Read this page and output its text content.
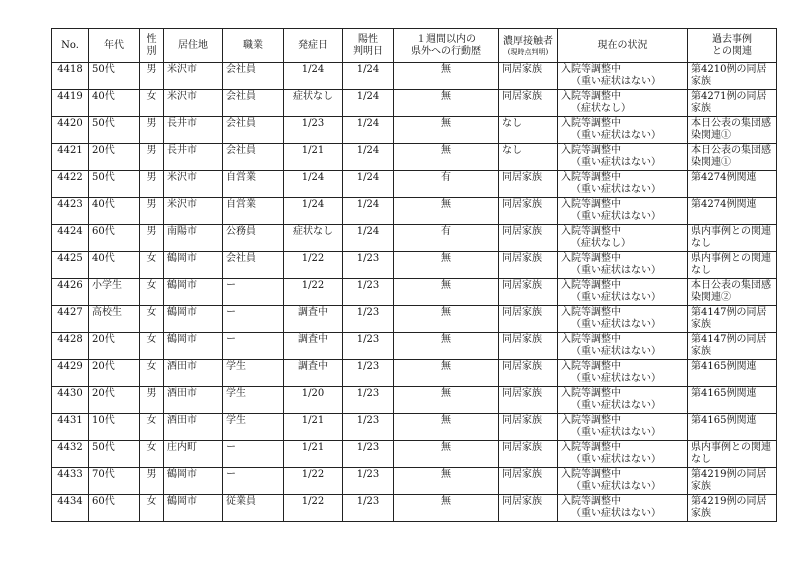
No.	年代	性別	居住地	職業	発症日	陽性
判明日	１週間以内の
県外への行動歴	濃厚接触者
(現時点判明)	現在の状況	過去事例
との関連

4418	50代	男	米沢市	会社員	1/24	1/24	無	同居家族	入院等調整中
（重い症状はない）	第4210例の同居家族
4419	40代	女	米沢市	会社員	症状なし	1/24	無	同居家族	入院等調整中
（症状なし）	第4271例の同居家族
4420	50代	男	長井市	会社員	1/23	1/24	無	なし	入院等調整中
（重い症状はない）	本日公表の集団感染関連①
4421	20代	男	長井市	会社員	1/21	1/24	無	なし	入院等調整中
（重い症状はない）	本日公表の集団感染関連①
4422	50代	男	米沢市	自営業	1/24	1/24	有	同居家族	入院等調整中
（重い症状はない）	第4274例関連
4423	40代	男	米沢市	自営業	1/24	1/24	無	同居家族	入院等調整中
（重い症状はない）	第4274例関連
4424	60代	男	南陽市	公務員	症状なし	1/24	有	同居家族	入院等調整中
（症状なし）	県内事例との関連なし
4425	40代	女	鶴岡市	会社員	1/22	1/23	無	同居家族	入院等調整中
（重い症状はない）	県内事例との関連なし
4426	小学生	女	鶴岡市	ー	1/22	1/23	無	同居家族	入院等調整中
（重い症状はない）	本日公表の集団感染関連②
4427	高校生	女	鶴岡市	ー	調査中	1/23	無	同居家族	入院等調整中
（重い症状はない）	第4147例の同居家族
4428	20代	女	鶴岡市	ー	調査中	1/23	無	同居家族	入院等調整中
（重い症状はない）	第4147例の同居家族
4429	20代	女	酒田市	学生	調査中	1/23	無	同居家族	入院等調整中
（重い症状はない）	第4165例関連
4430	20代	男	酒田市	学生	1/20	1/23	無	同居家族	入院等調整中
（重い症状はない）	第4165例関連
4431	10代	女	酒田市	学生	1/21	1/23	無	同居家族	入院等調整中
（重い症状はない）	第4165例関連
4432	50代	女	庄内町	ー	1/21	1/23	無	同居家族	入院等調整中
（重い症状はない）	県内事例との関連なし
4433	70代	男	鶴岡市	ー	1/22	1/23	無	同居家族	入院等調整中
（重い症状はない）	第4219例の同居家族
4434	60代	女	鶴岡市	従業員	1/22	1/23	無	同居家族	入院等調整中
（重い症状はない）	第4219例の同居家族
